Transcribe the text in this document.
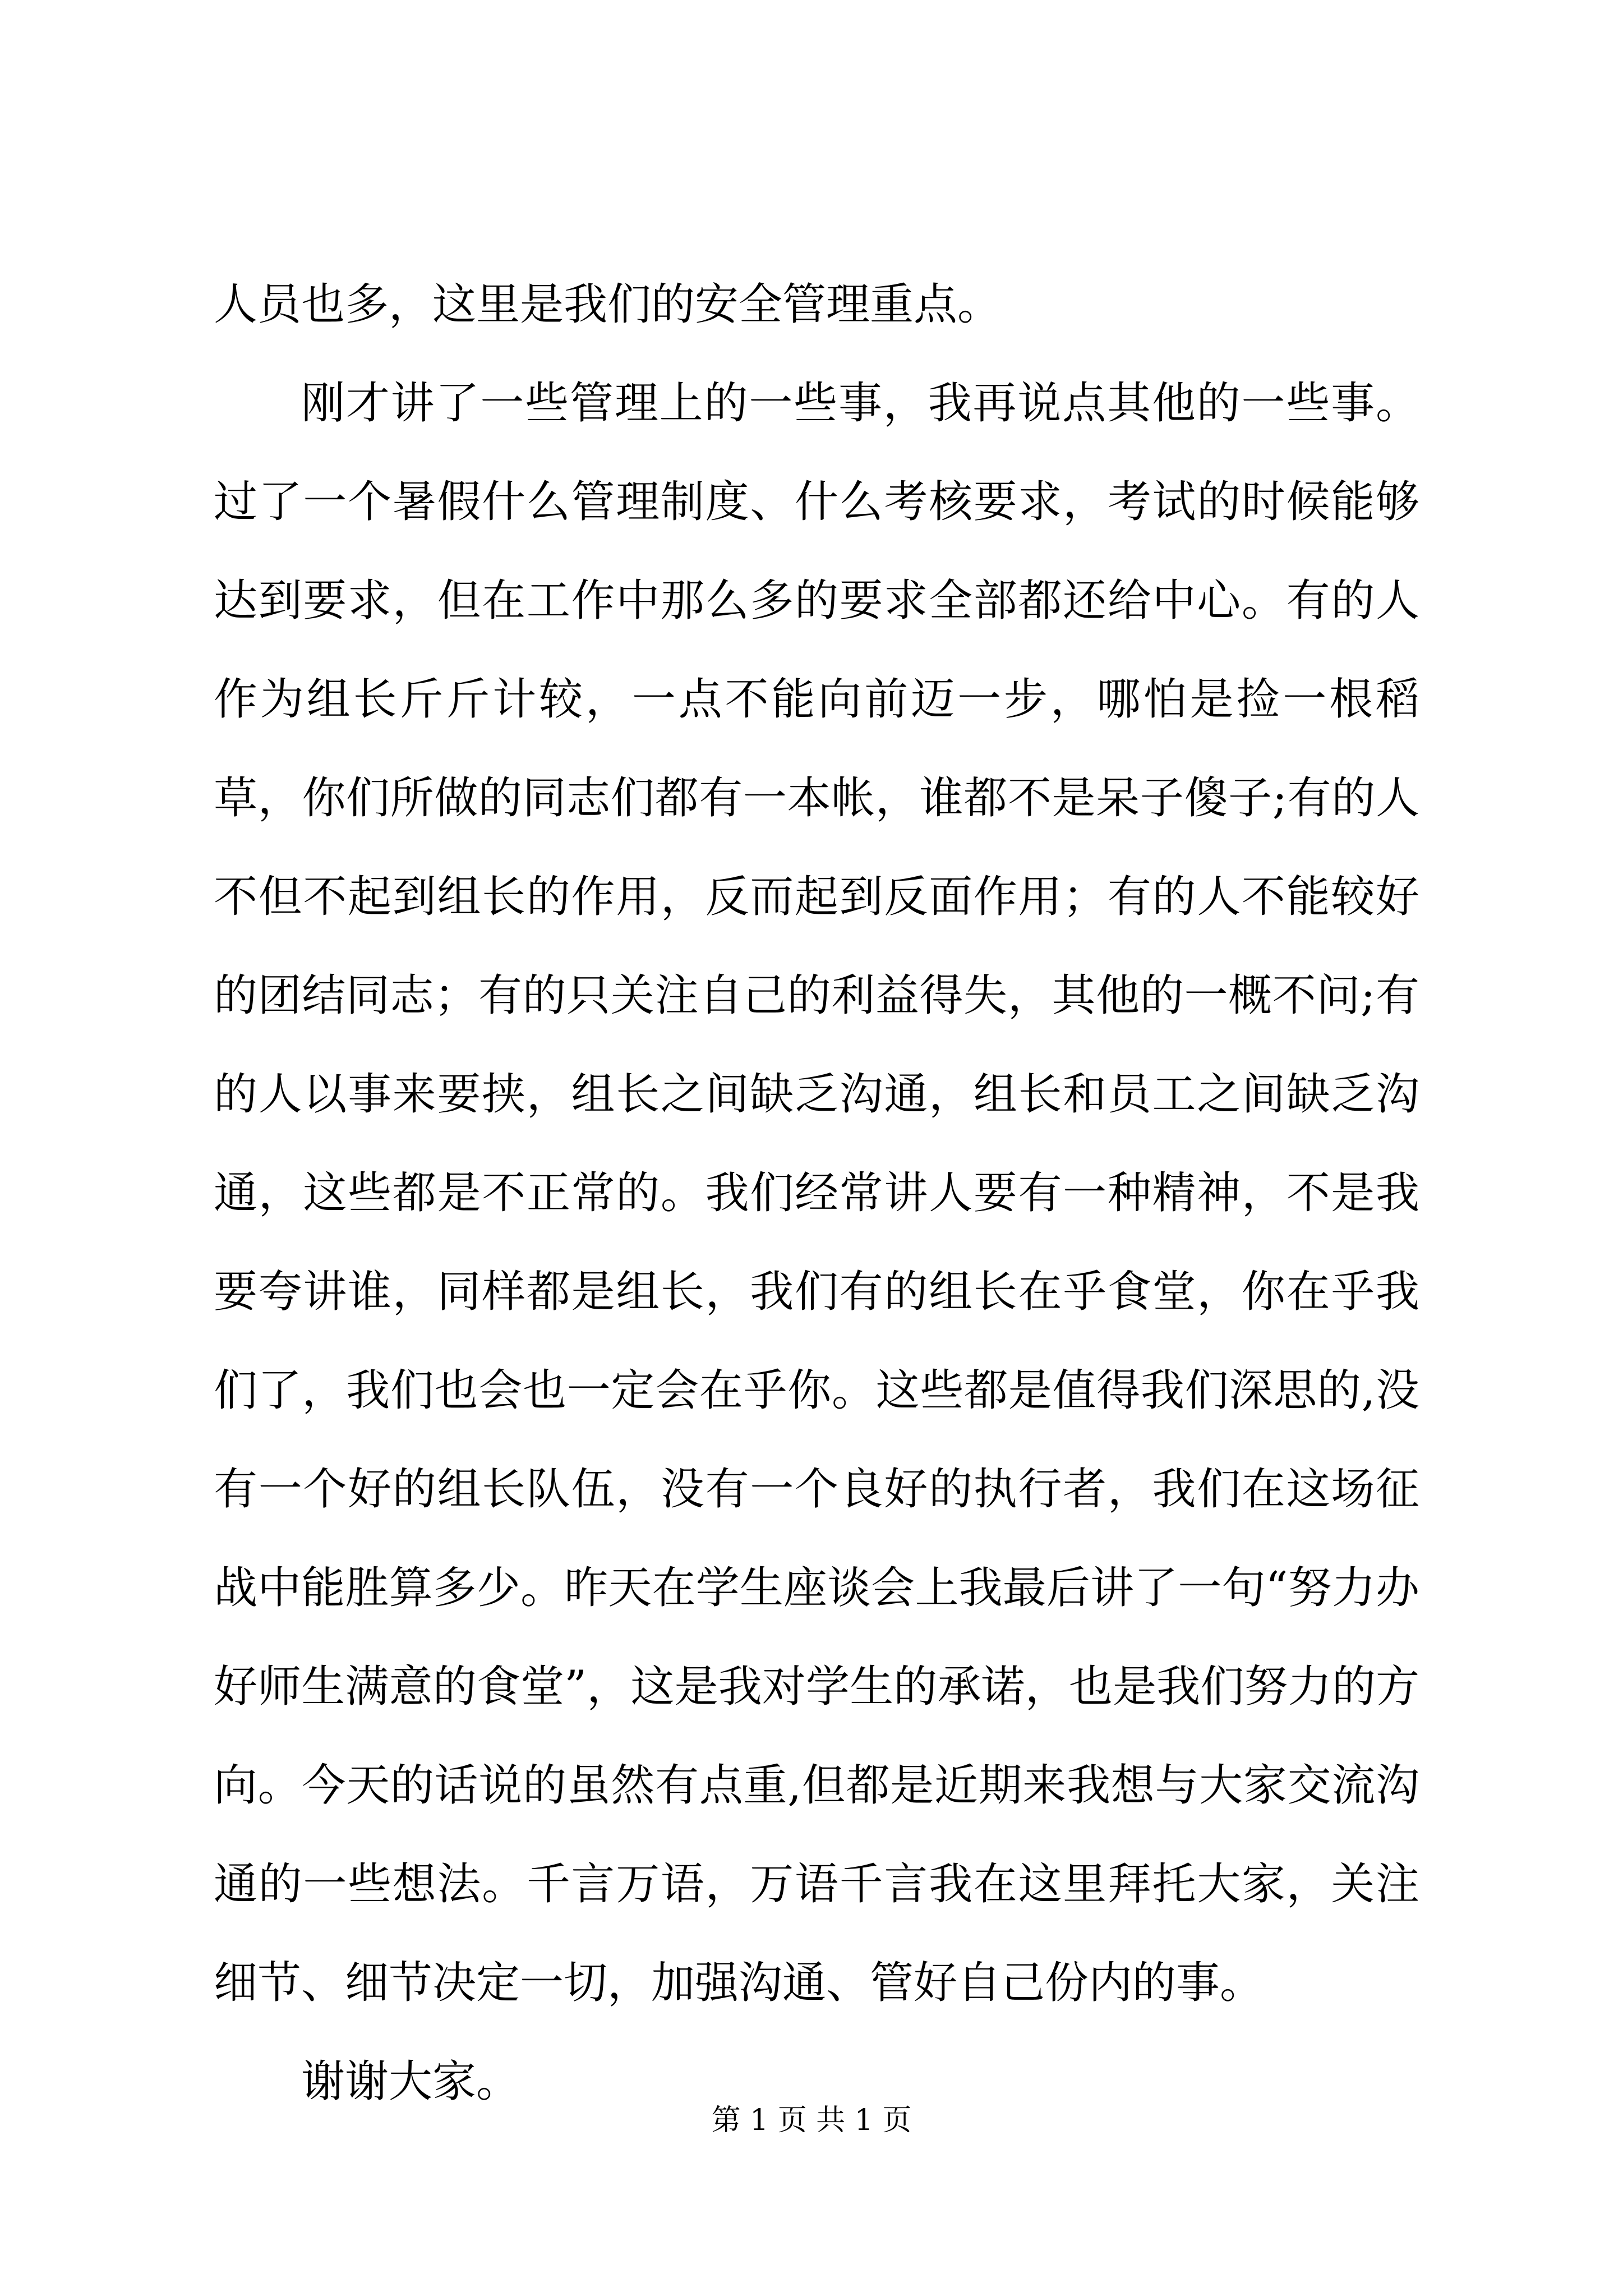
人员也多，这里是我们的安全管理重点。

刚才讲了一些管理上的一些事，我再说点其他的一些事。过了一个暑假什么管理制度、什么考核要求，考试的时候能够达到要求，但在工作中那么多的要求全部都还给中心。有的人作为组长斤斤计较，一点不能向前迈一步，哪怕是捡一根稻草，你们所做的同志们都有一本帐，谁都不是呆子傻子;有的人不但不起到组长的作用，反而起到反面作用；有的人不能较好的团结同志；有的只关注自己的利益得失，其他的一概不问;有的人以事来要挟，组长之间缺乏沟通，组长和员工之间缺乏沟通，这些都是不正常的。我们经常讲人要有一种精神，不是我要夸讲谁，同样都是组长，我们有的组长在乎食堂，你在乎我们了，我们也会也一定会在乎你。这些都是值得我们深思的,没有一个好的组长队伍，没有一个良好的执行者，我们在这场征战中能胜算多少。昨天在学生座谈会上我最后讲了一句“努力办好师生满意的食堂”，这是我对学生的承诺，也是我们努力的方向。今天的话说的虽然有点重,但都是近期来我想与大家交流沟通的一些想法。千言万语，万语千言我在这里拜托大家，关注细节、细节决定一切，加强沟通、管好自己份内的事。

谢谢大家。

第 1 页 共 1 页
